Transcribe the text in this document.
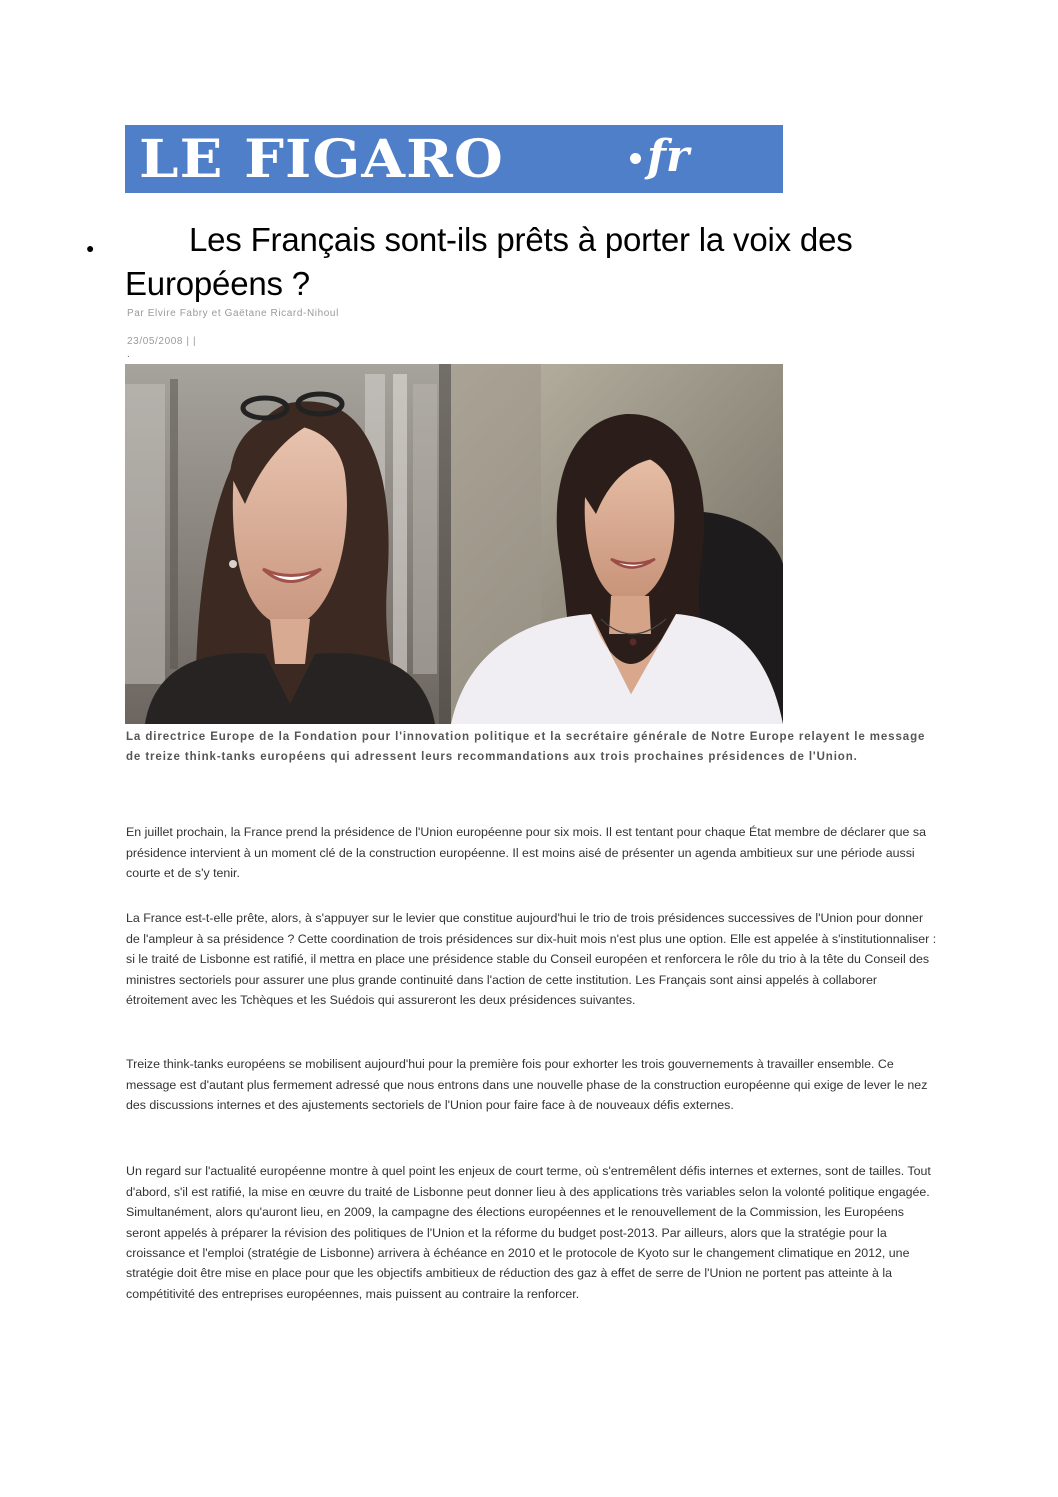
LE FIGARO	fr
●	Les Français sont-ils prêts à porter la voix des Européens ?
Par Elvire Fabry et Gaëtane Ricard-Nihoul
23/05/2008 | |
.
La directrice Europe de la Fondation pour l'innovation politique et la secrétaire générale de Notre Europe relayent le message de treize think-tanks européens qui adressent leurs recommandations aux trois prochaines présidences de l'Union.

En juillet prochain, la France prend la présidence de l'Union européenne pour six mois. Il est tentant pour chaque État membre de déclarer que sa présidence intervient à un moment clé de la construction européenne. Il est moins aisé de présenter un agenda ambitieux sur une période aussi courte et de s'y tenir.

La France est-t-elle prête, alors, à s'appuyer sur le levier que constitue aujourd'hui le trio de trois présidences successives de l'Union pour donner de l'ampleur à sa présidence ? Cette coordination de trois présidences sur dix-huit mois n'est plus une option. Elle est appelée à s'institutionnaliser : si le traité de Lisbonne est ratifié, il mettra en place une présidence stable du Conseil européen et renforcera le rôle du trio à la tête du Conseil des ministres sectoriels pour assurer une plus grande continuité dans l'action de cette institution. Les Français sont ainsi appelés à collaborer étroitement avec les Tchèques et les Suédois qui assureront les deux présidences suivantes.

Treize think-tanks européens se mobilisent aujourd'hui pour la première fois pour exhorter les trois gouvernements à travailler ensemble. Ce message est d'autant plus fermement adressé que nous entrons dans une nouvelle phase de la construction européenne qui exige de lever le nez des discussions internes et des ajustements sectoriels de l'Union pour faire face à de nouveaux défis externes.

Un regard sur l'actualité européenne montre à quel point les enjeux de court terme, où s'entremêlent défis internes et externes, sont de tailles. Tout d'abord, s'il est ratifié, la mise en œuvre du traité de Lisbonne peut donner lieu à des applications très variables selon la volonté politique engagée. Simultanément, alors qu'auront lieu, en 2009, la campagne des élections européennes et le renouvellement de la Commission, les Européens seront appelés à préparer la révision des politiques de l'Union et la réforme du budget post-2013. Par ailleurs, alors que la stratégie pour la croissance et l'emploi (stratégie de Lisbonne) arrivera à échéance en 2010 et le protocole de Kyoto sur le changement climatique en 2012, une stratégie doit être mise en place pour que les objectifs ambitieux de réduction des gaz à effet de serre de l'Union ne portent pas atteinte à la compétitivité des entreprises européennes, mais puissent au contraire la renforcer.
